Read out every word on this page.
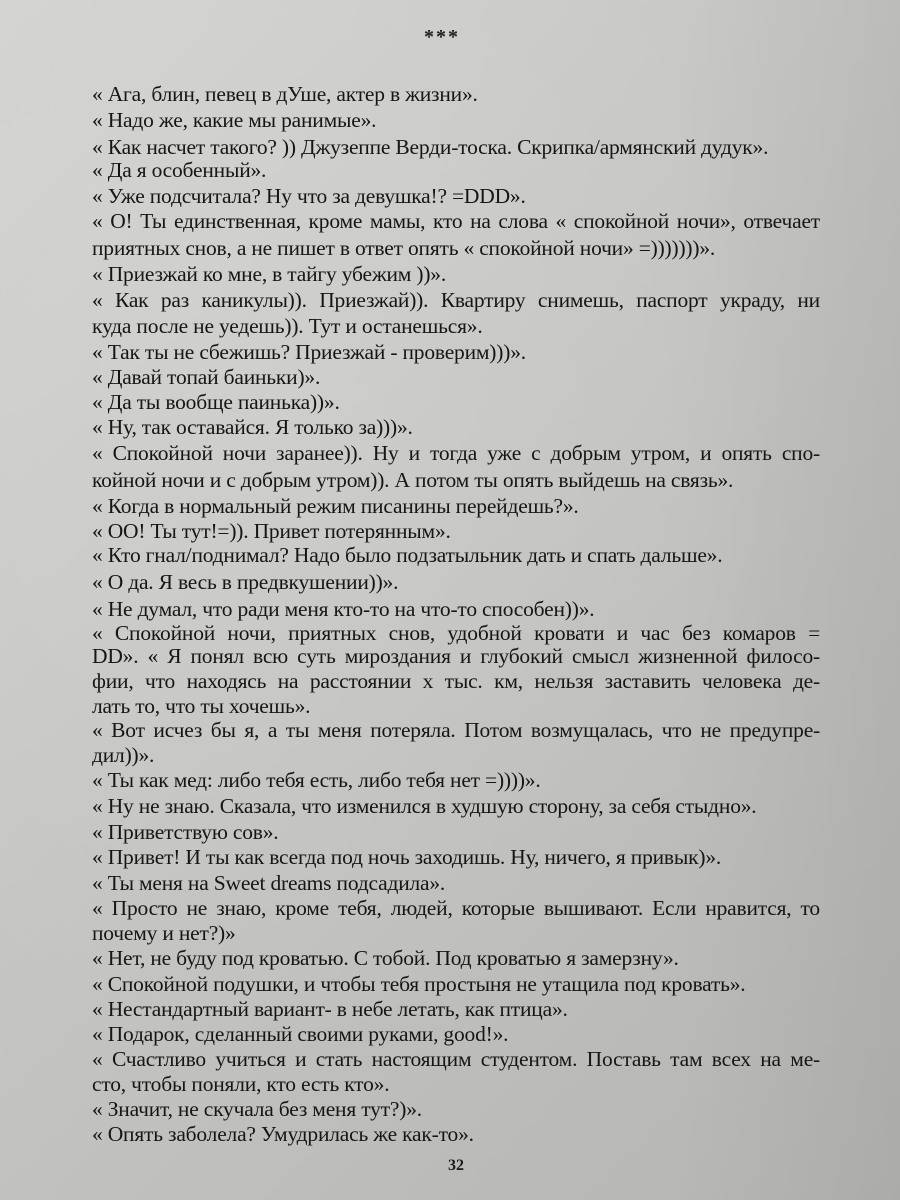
***
« Ага, блин, певец в дУше, актер в жизни».
« Надо же, какие мы ранимые».
« Как насчет такого? )) Джузеппе Верди-тоска. Скрипка/армянский дудук».
« Да я особенный».
« Уже подсчитала? Ну что за девушка!? =DDD».
« О! Ты единственная, кроме мамы, кто на слова « спокойной ночи», отвечает
приятных снов, а не пишет в ответ опять « спокойной ночи» =)))))))».
« Приезжай ко мне, в тайгу убежим ))».
« Как раз каникулы)). Приезжай)). Квартиру снимешь, паспорт украду, ни
куда после не уедешь)). Тут и останешься».
« Так ты не сбежишь? Приезжай - проверим)))».
« Давай топай баиньки)».
« Да ты вообще паинька))».
« Ну, так оставайся. Я только за)))».
« Спокойной ночи заранее)). Ну и тогда уже с добрым утром, и опять спо-
койной ночи и с добрым утром)). А потом ты опять выйдешь на связь».
« Когда в нормальный режим писанины перейдешь?».
« ОО! Ты тут!=)). Привет потерянным».
« Кто гнал/поднимал? Надо было подзатыльник дать и спать дальше».
« О да. Я весь в предвкушении))».
« Не думал, что ради меня кто-то на что-то способен))».
« Спокойной ночи, приятных снов, удобной кровати и час без комаров =
DD». « Я понял всю суть мироздания и глубокий смысл жизненной филосо-
фии, что находясь на расстоянии x тыс. км, нельзя заставить человека де-
лать то, что ты хочешь».
« Вот исчез бы я, а ты меня потеряла. Потом возмущалась, что не предупре-
дил))».
« Ты как мед: либо тебя есть, либо тебя нет =))))».
« Ну не знаю. Сказала, что изменился в худшую сторону, за себя стыдно».
« Приветствую сов».
« Привет! И ты как всегда под ночь заходишь. Ну, ничего, я привык)».
« Ты меня на Sweet dreams подсадила».
« Просто не знаю, кроме тебя, людей, которые вышивают. Если нравится, то
почему и нет?)»
« Нет, не буду под кроватью. С тобой. Под кроватью я замерзну».
« Спокойной подушки, и чтобы тебя простыня не утащила под кровать».
« Нестандартный вариант- в небе летать, как птица».
« Подарок, сделанный своими руками, good!».
« Счастливо учиться и стать настоящим студентом. Поставь там всех на ме-
сто, чтобы поняли, кто есть кто».
« Значит, не скучала без меня тут?)».
« Опять заболела? Умудрилась же как-то».
32
